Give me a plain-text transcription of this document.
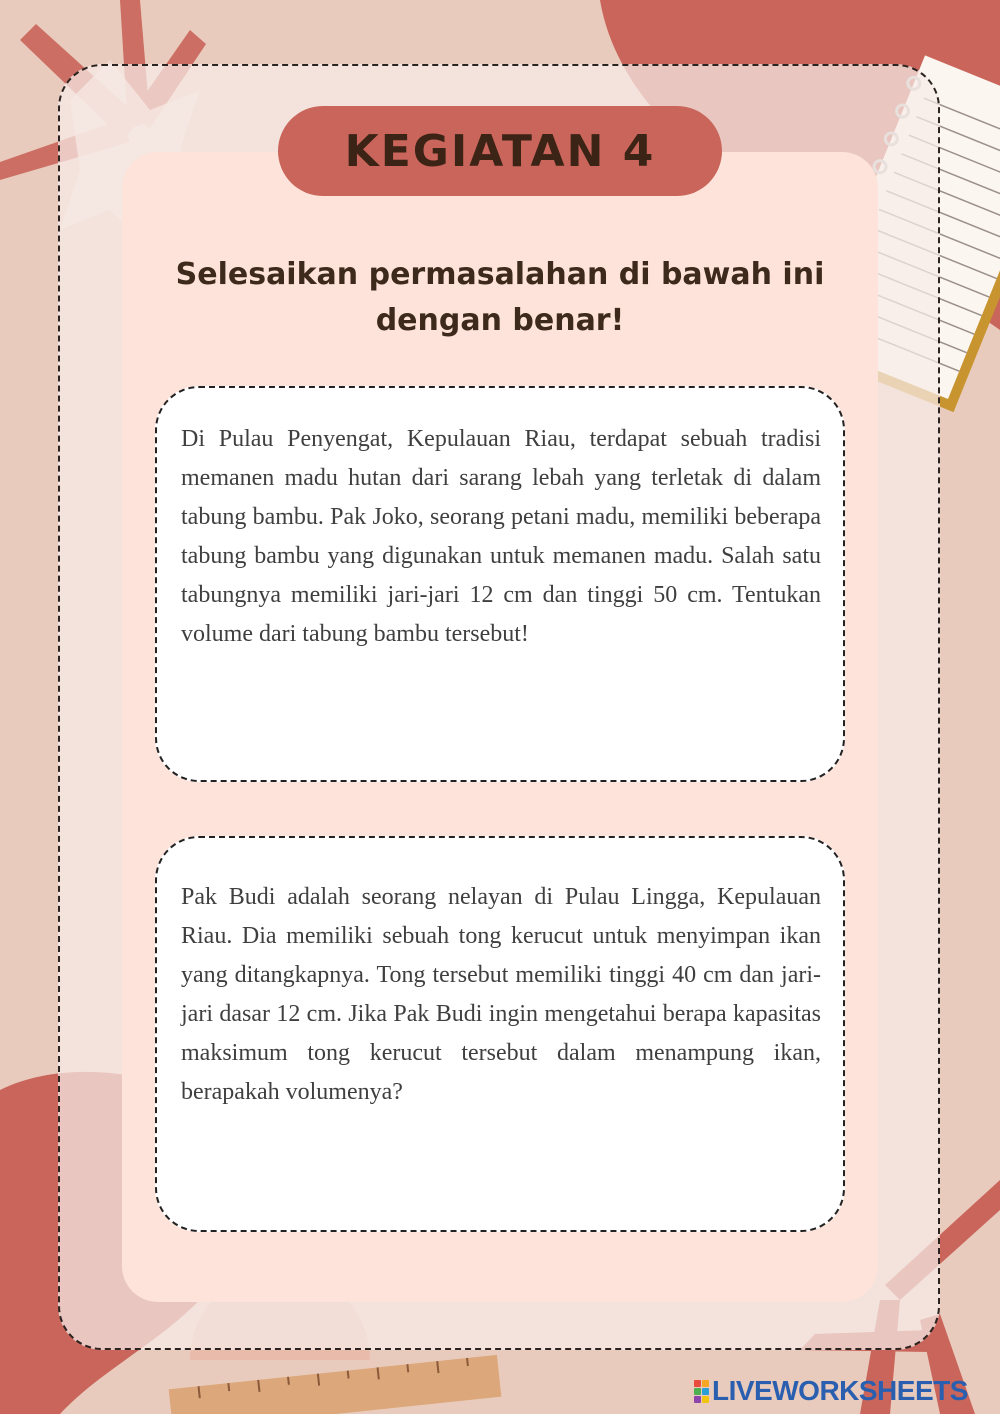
KEGIATAN 4
Selesaikan permasalahan di bawah ini dengan benar!

Di Pulau Penyengat, Kepulauan Riau, terdapat sebuah tradisi memanen madu hutan dari sarang lebah yang terletak di dalam tabung bambu. Pak Joko, seorang petani madu, memiliki beberapa tabung bambu yang digunakan untuk memanen madu. Salah satu tabungnya memiliki jari-jari 12 cm dan tinggi 50 cm. Tentukan volume dari tabung bambu tersebut!

Pak Budi adalah seorang nelayan di Pulau Lingga, Kepulauan Riau. Dia memiliki sebuah tong kerucut untuk menyimpan ikan yang ditangkapnya. Tong tersebut memiliki tinggi 40 cm dan jari-jari dasar 12 cm. Jika Pak Budi ingin mengetahui berapa kapasitas maksimum tong kerucut tersebut dalam menampung ikan, berapakah volumenya?

LIVEWORKSHEETS
